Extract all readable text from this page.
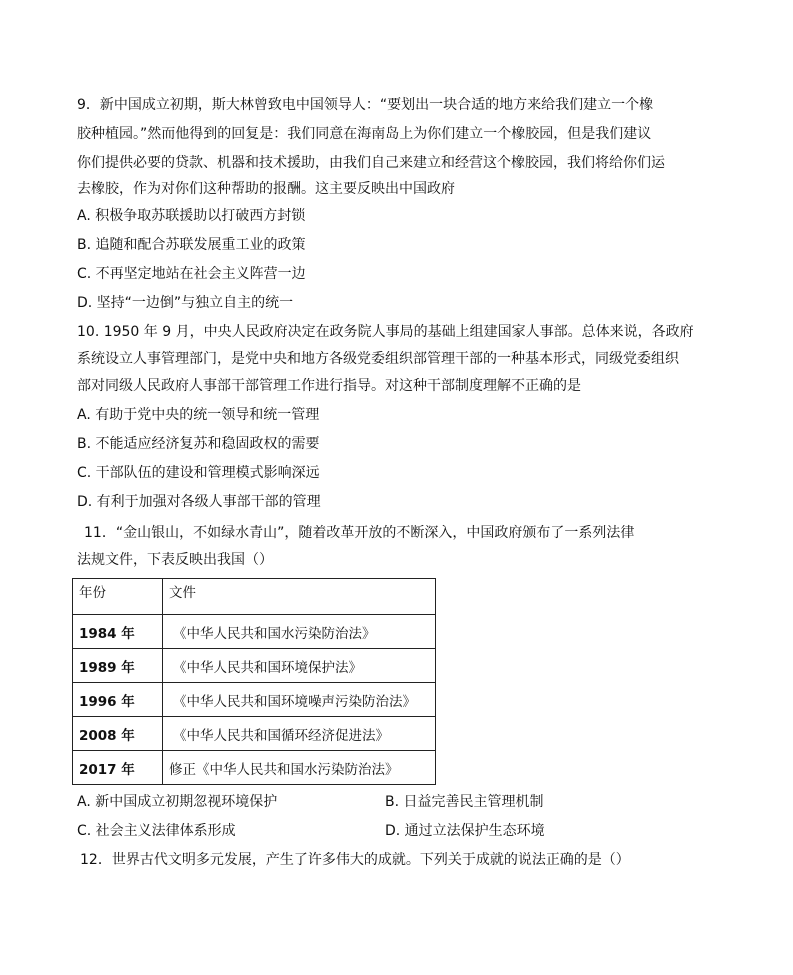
9．新中国成立初期，斯大林曾致电中国领导人：“要划出一块合适的地方来给我们建立一个橡
胶种植园。”然而他得到的回复是：我们同意在海南岛上为你们建立一个橡胶园，但是我们建议
你们提供必要的贷款、机器和技术援助，由我们自己来建立和经营这个橡胶园，我们将给你们运
去橡胶，作为对你们这种帮助的报酬。这主要反映出中国政府
A. 积极争取苏联援助以打破西方封锁
B. 追随和配合苏联发展重工业的政策
C. 不再坚定地站在社会主义阵营一边
D. 坚持“一边倒”与独立自主的统一
10. 1950 年 9 月，中央人民政府决定在政务院人事局的基础上组建国家人事部。总体来说，各政府
系统设立人事管理部门，是党中央和地方各级党委组织部管理干部的一种基本形式，同级党委组织
部对同级人民政府人事部干部管理工作进行指导。对这种干部制度理解不正确的是
A. 有助于党中央的统一领导和统一管理
B. 不能适应经济复苏和稳固政权的需要
C. 干部队伍的建设和管理模式影响深远
D. 有利于加强对各级人事部干部的管理
11．“金山银山，不如绿水青山”，随着改革开放的不断深入，中国政府颁布了一系列法律
法规文件，下表反映出我国（）
年份	文件
1984 年	《中华人民共和国水污染防治法》
1989 年	《中华人民共和国环境保护法》
1996 年	《中华人民共和国环境噪声污染防治法》
2008 年	《中华人民共和国循环经济促进法》
2017 年	修正《中华人民共和国水污染防治法》
A. 新中国成立初期忽视环境保护	B. 日益完善民主管理机制
C. 社会主义法律体系形成	D. 通过立法保护生态环境
12．世界古代文明多元发展，产生了许多伟大的成就。下列关于成就的说法正确的是（）
